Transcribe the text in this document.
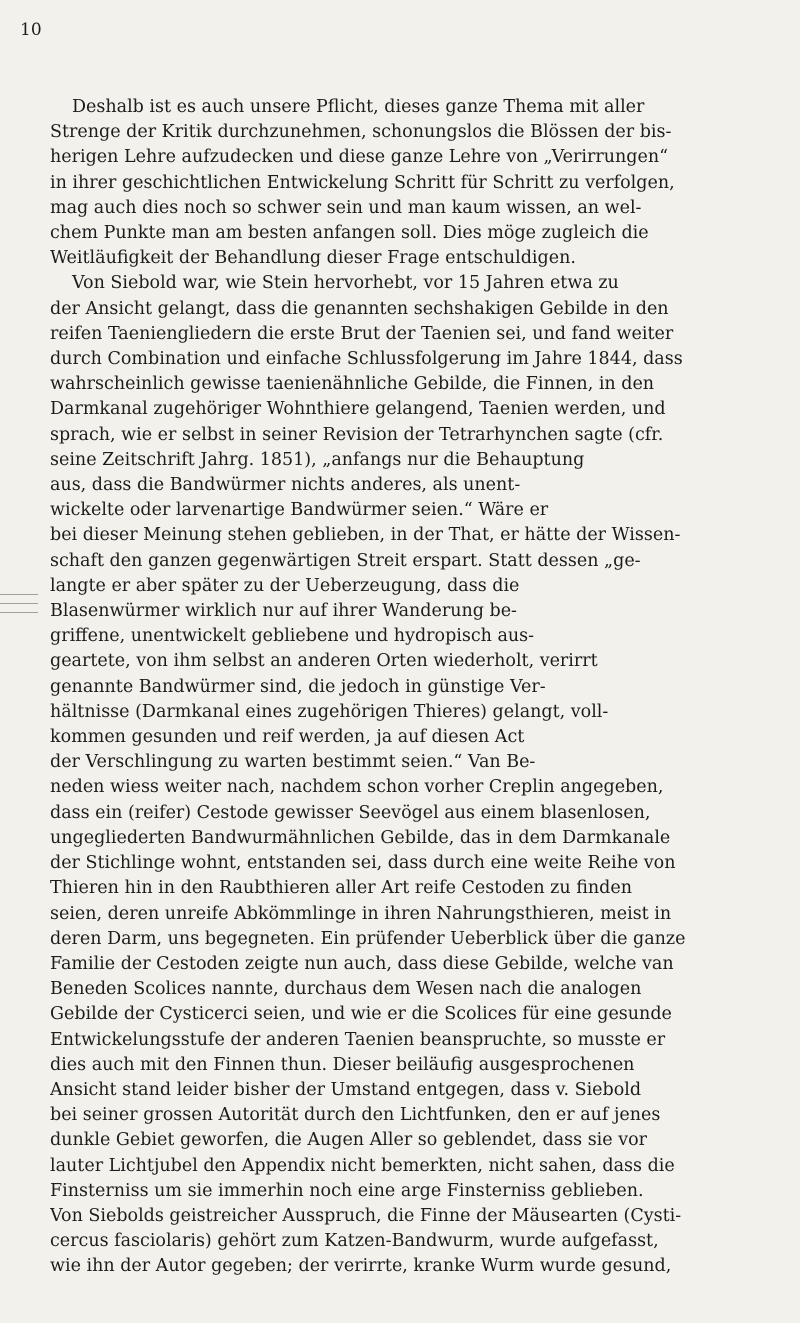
10
Deshalb ist es auch unsere Pflicht, dieses ganze Thema mit aller
Strenge der Kritik durchzunehmen, schonungslos die Blössen der bis-
herigen Lehre aufzudecken und diese ganze Lehre von „Verirrungen“
in ihrer geschichtlichen Entwickelung Schritt für Schritt zu verfolgen,
mag auch dies noch so schwer sein und man kaum wissen, an wel-
chem Punkte man am besten anfangen soll. Dies möge zugleich die
Weitläufigkeit der Behandlung dieser Frage entschuldigen.
Von Siebold war, wie Stein hervorhebt, vor 15 Jahren etwa zu
der Ansicht gelangt, dass die genannten sechshakigen Gebilde in den
reifen Taeniengliedern die erste Brut der Taenien sei, und fand weiter
durch Combination und einfache Schlussfolgerung im Jahre 1844, dass
wahrscheinlich gewisse taenienähnliche Gebilde, die Finnen, in den
Darmkanal zugehöriger Wohnthiere gelangend, Taenien werden, und
sprach, wie er selbst in seiner Revision der Tetrarhynchen sagte (cfr.
seine Zeitschrift Jahrg. 1851), „anfangs nur die Behauptung
aus, dass die Bandwürmer nichts anderes, als unent-
wickelte oder larvenartige Bandwürmer seien.“ Wäre er
bei dieser Meinung stehen geblieben, in der That, er hätte der Wissen-
schaft den ganzen gegenwärtigen Streit erspart. Statt dessen „ge-
langte er aber später zu der Ueberzeugung, dass die
Blasenwürmer wirklich nur auf ihrer Wanderung be-
griffene, unentwickelt gebliebene und hydropisch aus-
geartete, von ihm selbst an anderen Orten wiederholt, verirrt
genannte Bandwürmer sind, die jedoch in günstige Ver-
hältnisse (Darmkanal eines zugehörigen Thieres) gelangt, voll-
kommen gesunden und reif werden, ja auf diesen Act
der Verschlingung zu warten bestimmt seien.“ Van Be-
neden wiess weiter nach, nachdem schon vorher Creplin angegeben,
dass ein (reifer) Cestode gewisser Seevögel aus einem blasenlosen,
ungegliederten Bandwurmähnlichen Gebilde, das in dem Darmkanale
der Stichlinge wohnt, entstanden sei, dass durch eine weite Reihe von
Thieren hin in den Raubthieren aller Art reife Cestoden zu finden
seien, deren unreife Abkömmlinge in ihren Nahrungsthieren, meist in
deren Darm, uns begegneten. Ein prüfender Ueberblick über die ganze
Familie der Cestoden zeigte nun auch, dass diese Gebilde, welche van
Beneden Scolices nannte, durchaus dem Wesen nach die analogen
Gebilde der Cysticerci seien, und wie er die Scolices für eine gesunde
Entwickelungsstufe der anderen Taenien beanspruchte, so musste er
dies auch mit den Finnen thun. Dieser beiläufig ausgesprochenen
Ansicht stand leider bisher der Umstand entgegen, dass v. Siebold
bei seiner grossen Autorität durch den Lichtfunken, den er auf jenes
dunkle Gebiet geworfen, die Augen Aller so geblendet, dass sie vor
lauter Lichtjubel den Appendix nicht bemerkten, nicht sahen, dass die
Finsterniss um sie immerhin noch eine arge Finsterniss geblieben.
Von Siebolds geistreicher Ausspruch, die Finne der Mäusearten (Cysti-
cercus fasciolaris) gehört zum Katzen-Bandwurm, wurde aufgefasst,
wie ihn der Autor gegeben; der verirrte, kranke Wurm wurde gesund,
